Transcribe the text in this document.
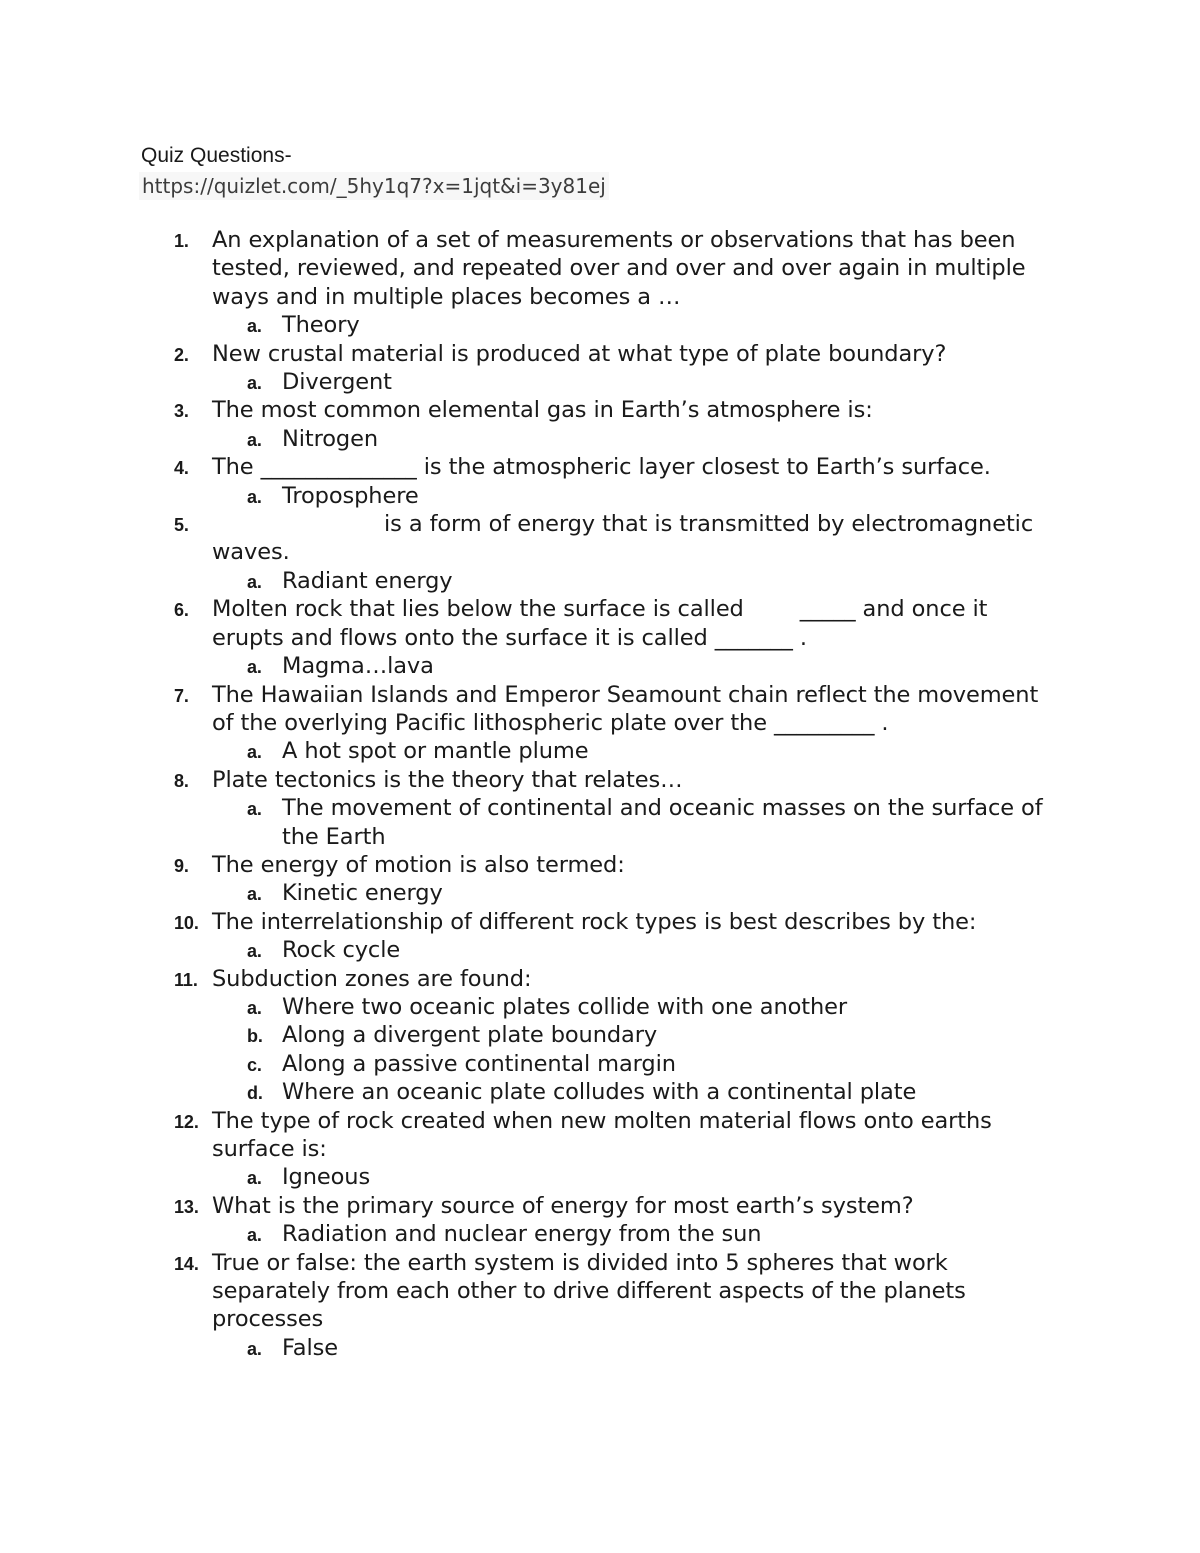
Quiz Questions-
https://quizlet.com/_5hy1q7?x=1jqt&i=3y81ej
1. An explanation of a set of measurements or observations that has been tested, reviewed, and repeated over and over and over again in multiple ways and in multiple places becomes a …
a. Theory
2. New crustal material is produced at what type of plate boundary?
a. Divergent
3. The most common elemental gas in Earth’s atmosphere is:
a. Nitrogen
4. The ______________ is the atmospheric layer closest to Earth’s surface.
a. Troposphere
5.	is a form of energy that is transmitted by electromagnetic waves.
a. Radiant energy
6. Molten rock that lies below the surface is called _____ and once it erupts and flows onto the surface it is called _______ .
a. Magma…lava
7. The Hawaiian Islands and Emperor Seamount chain reflect the movement of the overlying Pacific lithospheric plate over the _________ .
a. A hot spot or mantle plume
8. Plate tectonics is the theory that relates…
a. The movement of continental and oceanic masses on the surface of the Earth
9. The energy of motion is also termed:
a. Kinetic energy
10. The interrelationship of different rock types is best describes by the:
a. Rock cycle
11. Subduction zones are found:
a. Where two oceanic plates collide with one another
b. Along a divergent plate boundary
c. Along a passive continental margin
d. Where an oceanic plate colludes with a continental plate
12. The type of rock created when new molten material flows onto earths surface is:
a. Igneous
13. What is the primary source of energy for most earth’s system?
a. Radiation and nuclear energy from the sun
14. True or false: the earth system is divided into 5 spheres that work separately from each other to drive different aspects of the planets processes
a. False
